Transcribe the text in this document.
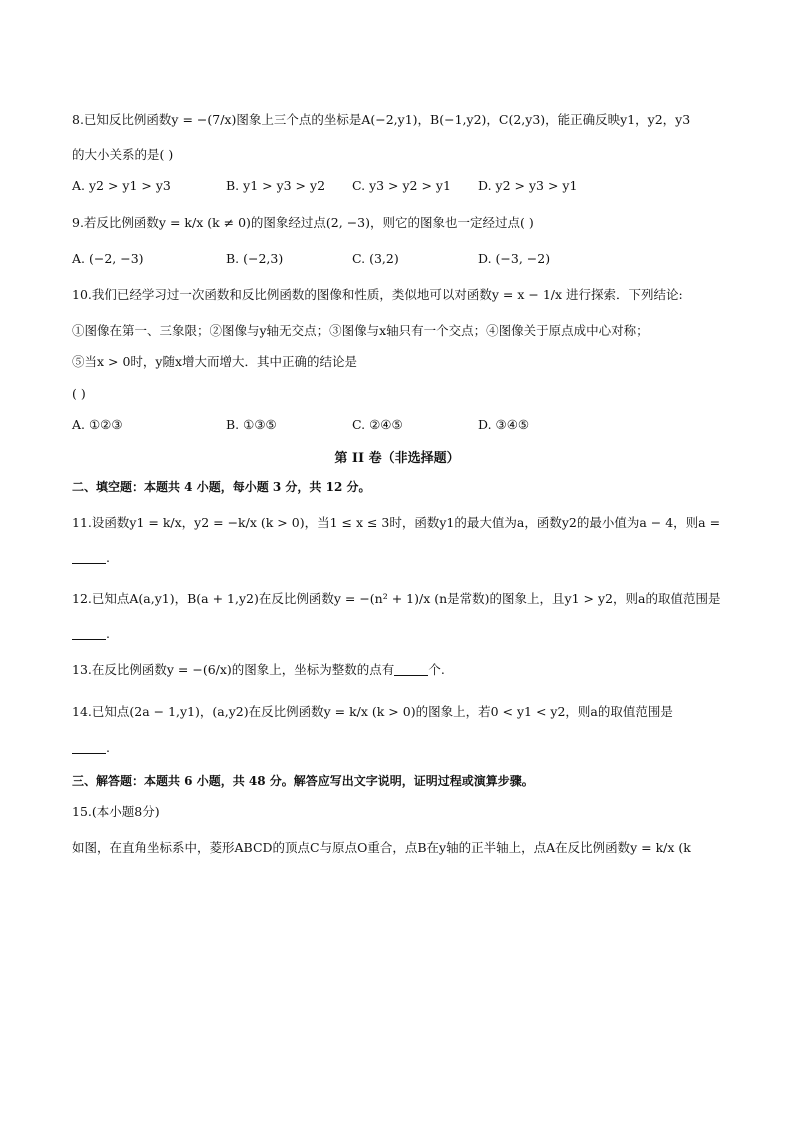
8.已知反比例函数y = −(7/x)图象上三个点的坐标是A(−2,y1)，B(−1,y2)，C(2,y3)，能正确反映y1，y2，y3
的大小关系的是( )
A. y2 > y1 > y3	B. y1 > y3 > y2 C. y3 > y2 > y1 D. y2 > y3 > y1
9.若反比例函数y = k/x (k ≠ 0)的图象经过点(2, −3)，则它的图象也一定经过点( )
A. (−2, −3)	B. (−2,3)	C. (3,2)	D. (−3, −2)
10.我们已经学习过一次函数和反比例函数的图像和性质，类似地可以对函数y = x − 1/x 进行探索．下列结论:
①图像在第一、三象限；②图像与y轴无交点；③图像与x轴只有一个交点；④图像关于原点成中心对称；
⑤当x > 0时，y随x增大而增大．其中正确的结论是
( )
A. ①②③	B. ①③⑤	C. ②④⑤	D. ③④⑤
第 II 卷（非选择题）
二、填空题：本题共 4 小题，每小题 3 分，共 12 分。
11.设函数y1 = k/x，y2 = −k/x (k > 0)，当1 ≤ x ≤ 3时，函数y1的最大值为a，函数y2的最小值为a − 4，则a =
.
12.已知点A(a,y1)，B(a + 1,y2)在反比例函数y = −(n² + 1)/x (n是常数)的图象上，且y1 > y2，则a的取值范围是
.
13.在反比例函数y = −(6/x)的图象上，坐标为整数的点有	个.
14.已知点(2a − 1,y1)，(a,y2)在反比例函数y = k/x (k > 0)的图象上，若0 < y1 < y2，则a的取值范围是
.
三、解答题：本题共 6 小题，共 48 分。解答应写出文字说明，证明过程或演算步骤。
15.(本小题8分)
如图，在直角坐标系中，菱形ABCD的顶点C与原点O重合，点B在y轴的正半轴上，点A在反比例函数y = k/x (k
